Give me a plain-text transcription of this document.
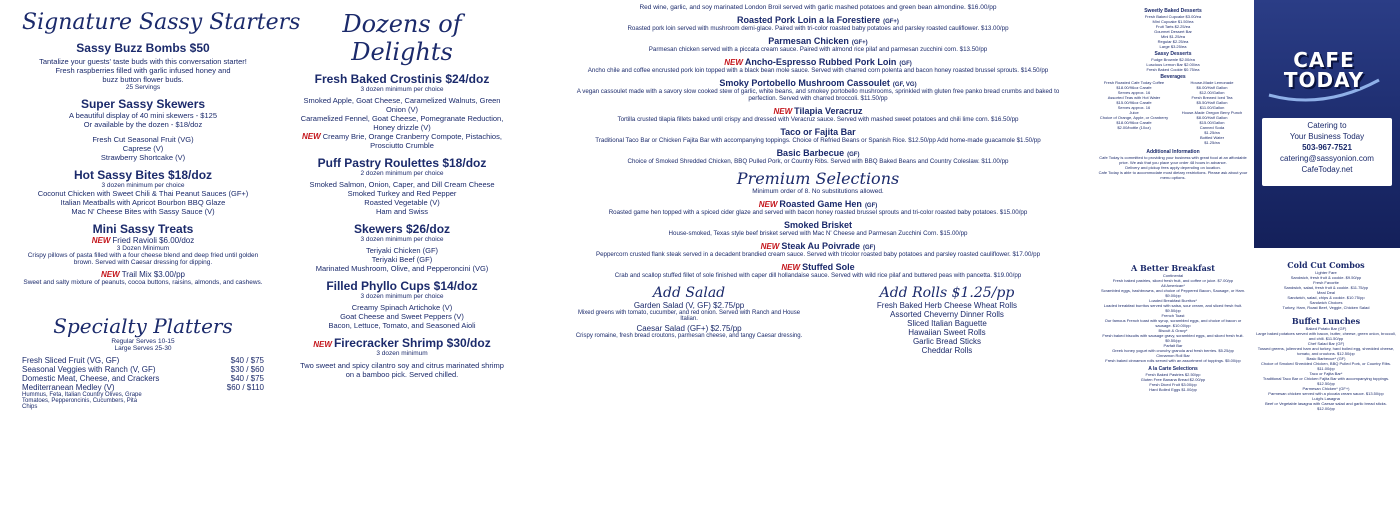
Signature Sassy Starters
Sassy Buzz Bombs $50
Tantalize your guests' taste buds with this conversation starter!
Fresh raspberries filled with garlic infused honey and
buzz button flower buds.
25 Servings
Super Sassy Skewers
A beautiful display of 40 mini skewers - $125
Or available by the dozen - $18/doz
Fresh Cut Seasonal Fruit (VG)
Caprese (V)
Strawberry Shortcake (V)
Hot Sassy Bites $18/doz
3 dozen minimum per choice
Coconut Chicken with Sweet Chili & Thai Peanut Sauces (GF+)
Italian Meatballs with Apricot Bourbon BBQ Glaze
Mac N' Cheese Bites with Sassy Sauce (V)
Mini Sassy Treats
NEW Fried Ravioli $6.00/doz
3 Dozen Minimum
Crispy pillows of pasta filled with a four cheese blend and deep fried until golden brown. Served with Caesar dressing for dipping.
NEW Trail Mix $3.00/pp
Sweet and salty mixture of peanuts, cocoa buttons, raisins, almonds, and cashews.
Specialty Platters
Regular Serves 10-15
Large Serves 25-30
Fresh Sliced Fruit (VG, GF)	$40 / $75
Seasonal Veggies with Ranch (V, GF)	$30 / $60
Domestic Meat, Cheese, and Crackers	$40 / $75
Mediterranean Medley (V)	$60 / $110
Hummus, Feta, Italian Country Olives, Grape Tomatoes, Pepperoncinis, Cucumbers, Pita Chips
Dozens of Delights
Fresh Baked Crostinis $24/doz
3 dozen minimum per choice
Smoked Apple, Goat Cheese, Caramelized Walnuts, Green Onion (V)
Caramelized Fennel, Goat Cheese, Pomegranate Reduction, Honey drizzle (V)
NEW Creamy Brie, Orange Cranberry Compote, Pistachios, Prosciutto Crumble
Puff Pastry Roulettes $18/doz
2 dozen minimum per choice
Smoked Salmon, Onion, Caper, and Dill Cream Cheese
Smoked Turkey and Red Pepper
Roasted Vegetable (V)
Ham and Swiss
Skewers $26/doz
3 dozen minimum per choice
Teriyaki Chicken (GF)
Teriyaki Beef (GF)
Marinated Mushroom, Olive, and Pepperoncini (VG)
Filled Phyllo Cups $14/doz
3 dozen minimum per choice
Creamy Spinach Artichoke (V)
Goat Cheese and Sweet Peppers (V)
Bacon, Lettuce, Tomato, and Seasoned Aioli
NEW Firecracker Shrimp $30/doz
3 dozen minimum
Two sweet and spicy cilantro soy and citrus marinated shrimp
on a bamboo pick. Served chilled.
Red wine, garlic, and soy marinated London Broil served with garlic mashed potatoes and green bean almondine. $16.00/pp
Roasted Pork Loin a la Forestiere (GF+)
Roasted pork loin served with mushroom demi-glace. Paired with tri-color roasted baby potatoes and parsley roasted cauliflower. $13.00/pp
Parmesan Chicken (GF+)
Parmesan chicken served with a piccata cream sauce. Paired with almond rice pilaf and parmesan zucchini corn. $13.50/pp
NEW Ancho-Espresso Rubbed Pork Loin (GF)
Ancho chile and coffee encrusted pork loin topped with a black bean mole sauce. Served with charred corn polenta and bacon honey roasted brussel sprouts. $14.50/pp
Smoky Portobello Mushroom Cassoulet (GF, VG)
A vegan cassoulet made with a savory slow cooked stew of garlic, white beans, and smokey portobello mushrooms, sprinkled with gluten free panko bread crumbs and baked to perfection. Served with charred broccoli. $11.50/pp
NEW Tilapia Veracruz
Tortilla crusted tilapia fillets baked until crispy and dressed with Veracruz sauce. Served with mashed sweet potatoes and chili lime corn. $16.50/pp
Taco or Fajita Bar
Traditional Taco Bar or Chicken Fajita Bar with accompanying toppings. Choice of Refried Beans or Spanish Rice. $12.50/pp Add home-made guacamole $1.50/pp
Basic Barbecue (GF)
Choice of Smoked Shredded Chicken, BBQ Pulled Pork, or Country Ribs. Served with BBQ Baked Beans and Country Coleslaw. $11.00/pp
Premium Selections
Minimum order of 8. No substitutions allowed.
NEW Roasted Game Hen (GF)
Roasted game hen topped with a spiced cider glaze and served with bacon honey roasted brussel sprouts and tri-color roasted baby potatoes. $15.00/pp
Smoked Brisket
House-smoked, Texas style beef brisket served with Mac N' Cheese and Parmesan Zucchini Corn. $15.00/pp
NEW Steak Au Poivrade (GF)
Peppercorn crusted flank steak served in a decadent brandied cream sauce. Served with tricolor roasted baby potatoes and parsley roasted cauliflower. $17.00/pp
NEW Stuffed Sole
Crab and scallop stuffed fillet of sole finished with caper dill hollandaise sauce. Served with wild rice pilaf and buttered peas with pancetta. $19.00/pp
Add Salad
Garden Salad (V, GF) $2.75/pp
Mixed greens with tomato, cucumber, and red onion. Served with Ranch and House Italian.
Caesar Salad (GF+) $2.75/pp
Crispy romaine, fresh bread croutons, parmesan cheese, and tangy Caesar dressing.
Add Rolls $1.25/pp
Fresh Baked Herb Cheese Wheat Rolls
Assorted Cheverny Dinner Rolls
Sliced Italian Baguette
Hawaiian Sweet Rolls
Garlic Bread Sticks
Cheddar Rolls
Sweetly Baked Desserts
Fresh Baked Cupcake $3.00/ea
Mini Cupcake $1.50/ea
Fruit Tarts $2.25/ea
Gourmet Dessert Bar
Mini $1.25/ea
Regular $2.25/ea
Large $3.25/ea
Sassy Desserts
Fudge Brownie $2.00/ea
Luscious Lemon Bar $2.00/ea
Fresh Baked Cookie $0.75/ea
Beverages
Fresh Roasted Cafe Today Coffee
$18.00/96oz Carafe
Serves approx. 16
Assorted Teas with Hot Water
$15.00/96oz Carafe
Serves approx. 16
Juice
Choice of Orange, Apple, or Cranberry
$18.00/96oz Carafe
$2.00/bottle (10oz)
House-Made Lemonade
$6.00/Half Gallon
$12.00/Gallon
Fresh Brewed Iced Tea
$5.50/Half Gallon
$11.00/Gallon
House-Made Oregon Berry Punch
$8.00/Half Gallon
$15.00/Gallon
Canned Soda
$1.25/ea
Bottled Water
$1.25/ea
Additional Information
Cafe Today is committed to providing your business with great food at an affordable price. We ask that you place your order 48 hours in advance.
Delivery and pickup fees apply depending on location.
Cafe Today is able to accommodate most dietary restrictions. Please ask about your menu options.
A Better Breakfast
Continental
Fresh baked pastries, sliced fresh fruit, and coffee or juice. $7.00/pp
All American*
Scrambled eggs, hashbrowns, and choice of Peppered Bacon, Sausage, or Ham. $9.00/pp
Loaded Breakfast Burritos*
Loaded breakfast burritos served with salsa, sour cream, and sliced fresh fruit. $9.50/pp
French Toast
Our famous French toast with syrup, scrambled eggs, and choice of bacon or sausage. $10.00/pp
Biscuit & Gravy*
Fresh baked biscuits with sausage gravy, scrambled eggs, and sliced fresh fruit. $9.50/pp
Parfait Bar
Greek honey yogurt with crunchy granola and fresh berries. $5.25/pp
Cinnamon Roll Bar
Fresh baked cinnamon rolls served with an assortment of toppings. $5.00/pp
A la Carte Selections
Fresh Baked Pastries $2.50/pp
Gluten Free Banana Bread $2.00/pp
Fresh Diced Fruit $3.00/pp
Hard Boiled Eggs $1.00/pp
CAFE TODAY
Catering to
Your Business Today
503-967-7521
catering@sassyonion.com
CafeToday.net
Cold Cut Combos
Lighter Fare
Sandwich, fresh fruit & cookie. $9.50/pp
Fresh Favorite
Sandwich, salad, fresh fruit & cookie. $11.75/pp
Meal Deal
Sandwich, salad, chips & cookie. $10.75/pp
Sandwich Choices
Turkey, Ham, Roast Beef, Veggie, Chicken Salad
Buffet Lunches
Baked Potato Bar (GF)
Large baked potatoes served with bacon, butter, cheese, green onion, broccoli, and chili. $11.50/pp
Chef Salad Bar (GF)
Tossed greens, julienned ham and turkey, hard boiled egg, shredded cheese, tomato, and croutons. $12.50/pp
Basic Barbecue* (GF)
Choice of Smoked Shredded Chicken, BBQ Pulled Pork, or Country Ribs. $11.00/pp
Taco or Fajita Bar*
Traditional Taco Bar or Chicken Fajita Bar with accompanying toppings. $12.50/pp
Parmesan Chicken* (GF+)
Parmesan chicken served with a piccata cream sauce. $13.50/pp
Luigi's Lasagna
Beef or Vegetable lasagna with Caesar salad and garlic bread sticks. $12.00/pp
